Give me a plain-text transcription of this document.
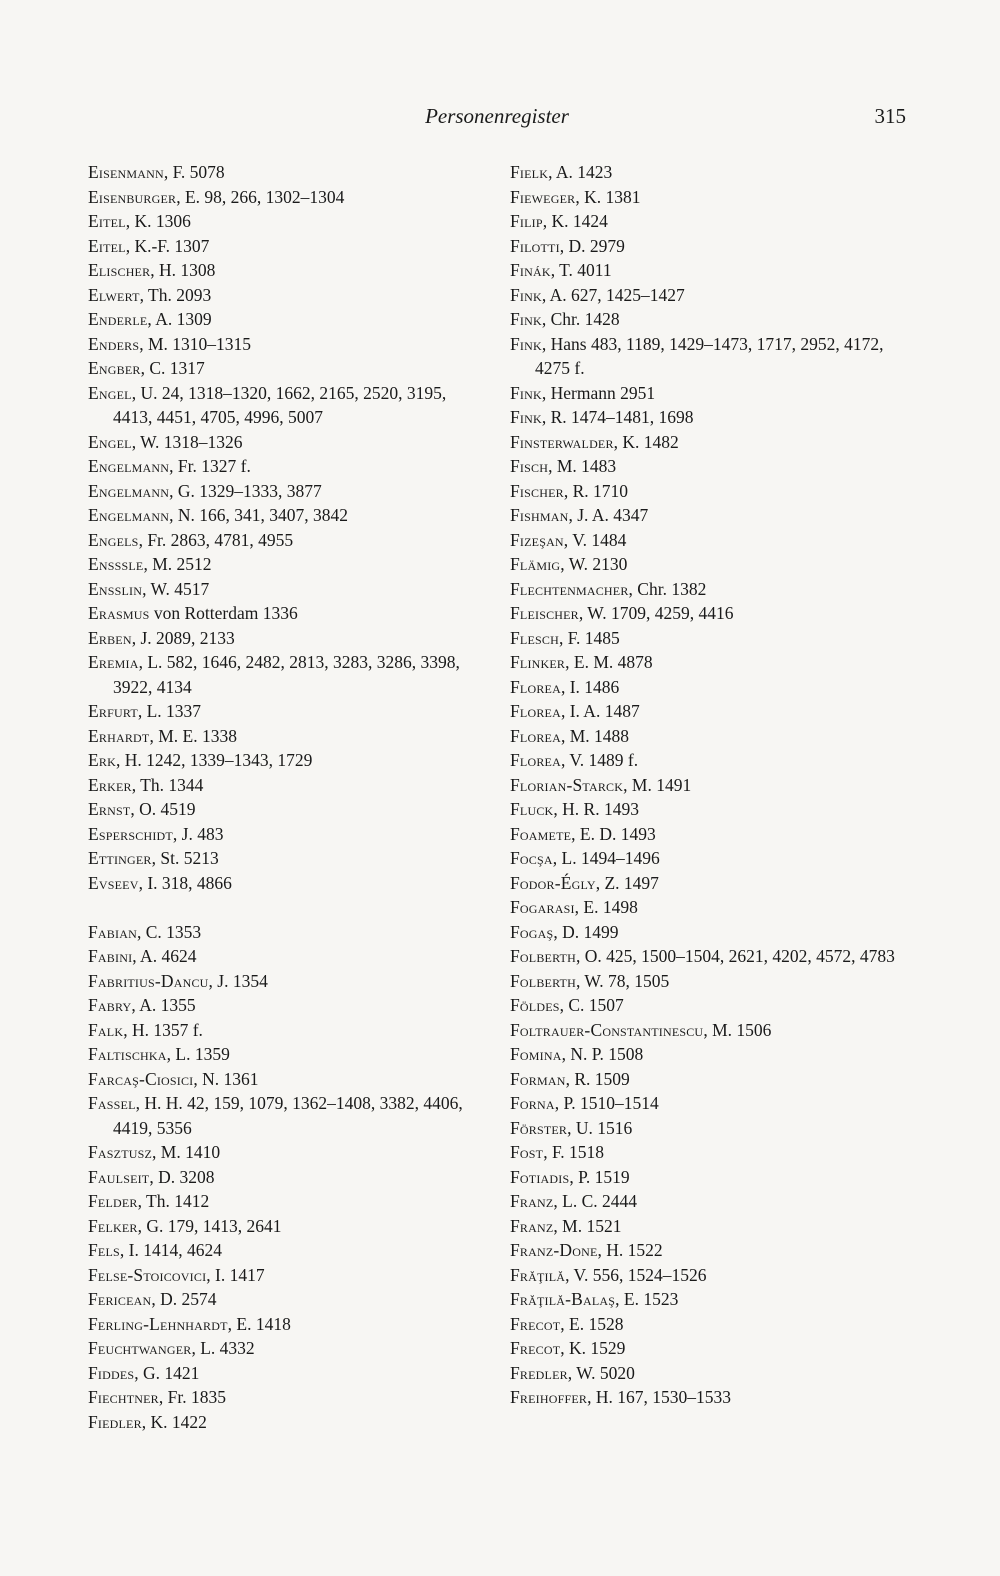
Personenregister	315
Eisenmann, F. 5078
Eisenburger, E. 98, 266, 1302–1304
Eitel, K. 1306
Eitel, K.-F. 1307
Elischer, H. 1308
Elwert, Th. 2093
Enderle, A. 1309
Enders, M. 1310–1315
Engber, C. 1317
Engel, U. 24, 1318–1320, 1662, 2165, 2520, 3195, 4413, 4451, 4705, 4996, 5007
Engel, W. 1318–1326
Engelmann, Fr. 1327 f.
Engelmann, G. 1329–1333, 3877
Engelmann, N. 166, 341, 3407, 3842
Engels, Fr. 2863, 4781, 4955
Ensssle, M. 2512
Ensslin, W. 4517
Erasmus von Rotterdam 1336
Erben, J. 2089, 2133
Eremia, L. 582, 1646, 2482, 2813, 3283, 3286, 3398, 3922, 4134
Erfurt, L. 1337
Erhardt, M. E. 1338
Erk, H. 1242, 1339–1343, 1729
Erker, Th. 1344
Ernst, O. 4519
Esperschidt, J. 483
Ettinger, St. 5213
Evseev, I. 318, 4866
Fabian, C. 1353
Fabini, A. 4624
Fabritius-Dancu, J. 1354
Fabry, A. 1355
Falk, H. 1357 f.
Faltischka, L. 1359
Farcaş-Ciosici, N. 1361
Fassel, H. H. 42, 159, 1079, 1362–1408, 3382, 4406, 4419, 5356
Fasztusz, M. 1410
Faulseit, D. 3208
Felder, Th. 1412
Felker, G. 179, 1413, 2641
Fels, I. 1414, 4624
Felse-Stoicovici, I. 1417
Fericean, D. 2574
Ferling-Lehnhardt, E. 1418
Feuchtwanger, L. 4332
Fiddes, G. 1421
Fiechtner, Fr. 1835
Fiedler, K. 1422
Fielk, A. 1423
Fieweger, K. 1381
Filip, K. 1424
Filotti, D. 2979
Finák, T. 4011
Fink, A. 627, 1425–1427
Fink, Chr. 1428
Fink, Hans 483, 1189, 1429–1473, 1717, 2952, 4172, 4275 f.
Fink, Hermann 2951
Fink, R. 1474–1481, 1698
Finsterwalder, K. 1482
Fisch, M. 1483
Fischer, R. 1710
Fishman, J. A. 4347
Fizeşan, V. 1484
Flämig, W. 2130
Flechtenmacher, Chr. 1382
Fleischer, W. 1709, 4259, 4416
Flesch, F. 1485
Flinker, E. M. 4878
Florea, I. 1486
Florea, I. A. 1487
Florea, M. 1488
Florea, V. 1489 f.
Florian-Starck, M. 1491
Fluck, H. R. 1493
Foamete, E. D. 1493
Focşa, L. 1494–1496
Fodor-Égly, Z. 1497
Fogarasi, E. 1498
Fogaş, D. 1499
Folberth, O. 425, 1500–1504, 2621, 4202, 4572, 4783
Folberth, W. 78, 1505
Földes, C. 1507
Foltrauer-Constantinescu, M. 1506
Fomina, N. P. 1508
Forman, R. 1509
Forna, P. 1510–1514
Förster, U. 1516
Fost, F. 1518
Fotiadis, P. 1519
Franz, L. C. 2444
Franz, M. 1521
Franz-Done, H. 1522
Frăţilă, V. 556, 1524–1526
Frăţilă-Balaş, E. 1523
Frecot, E. 1528
Frecot, K. 1529
Fredler, W. 5020
Freihoffer, H. 167, 1530–1533
